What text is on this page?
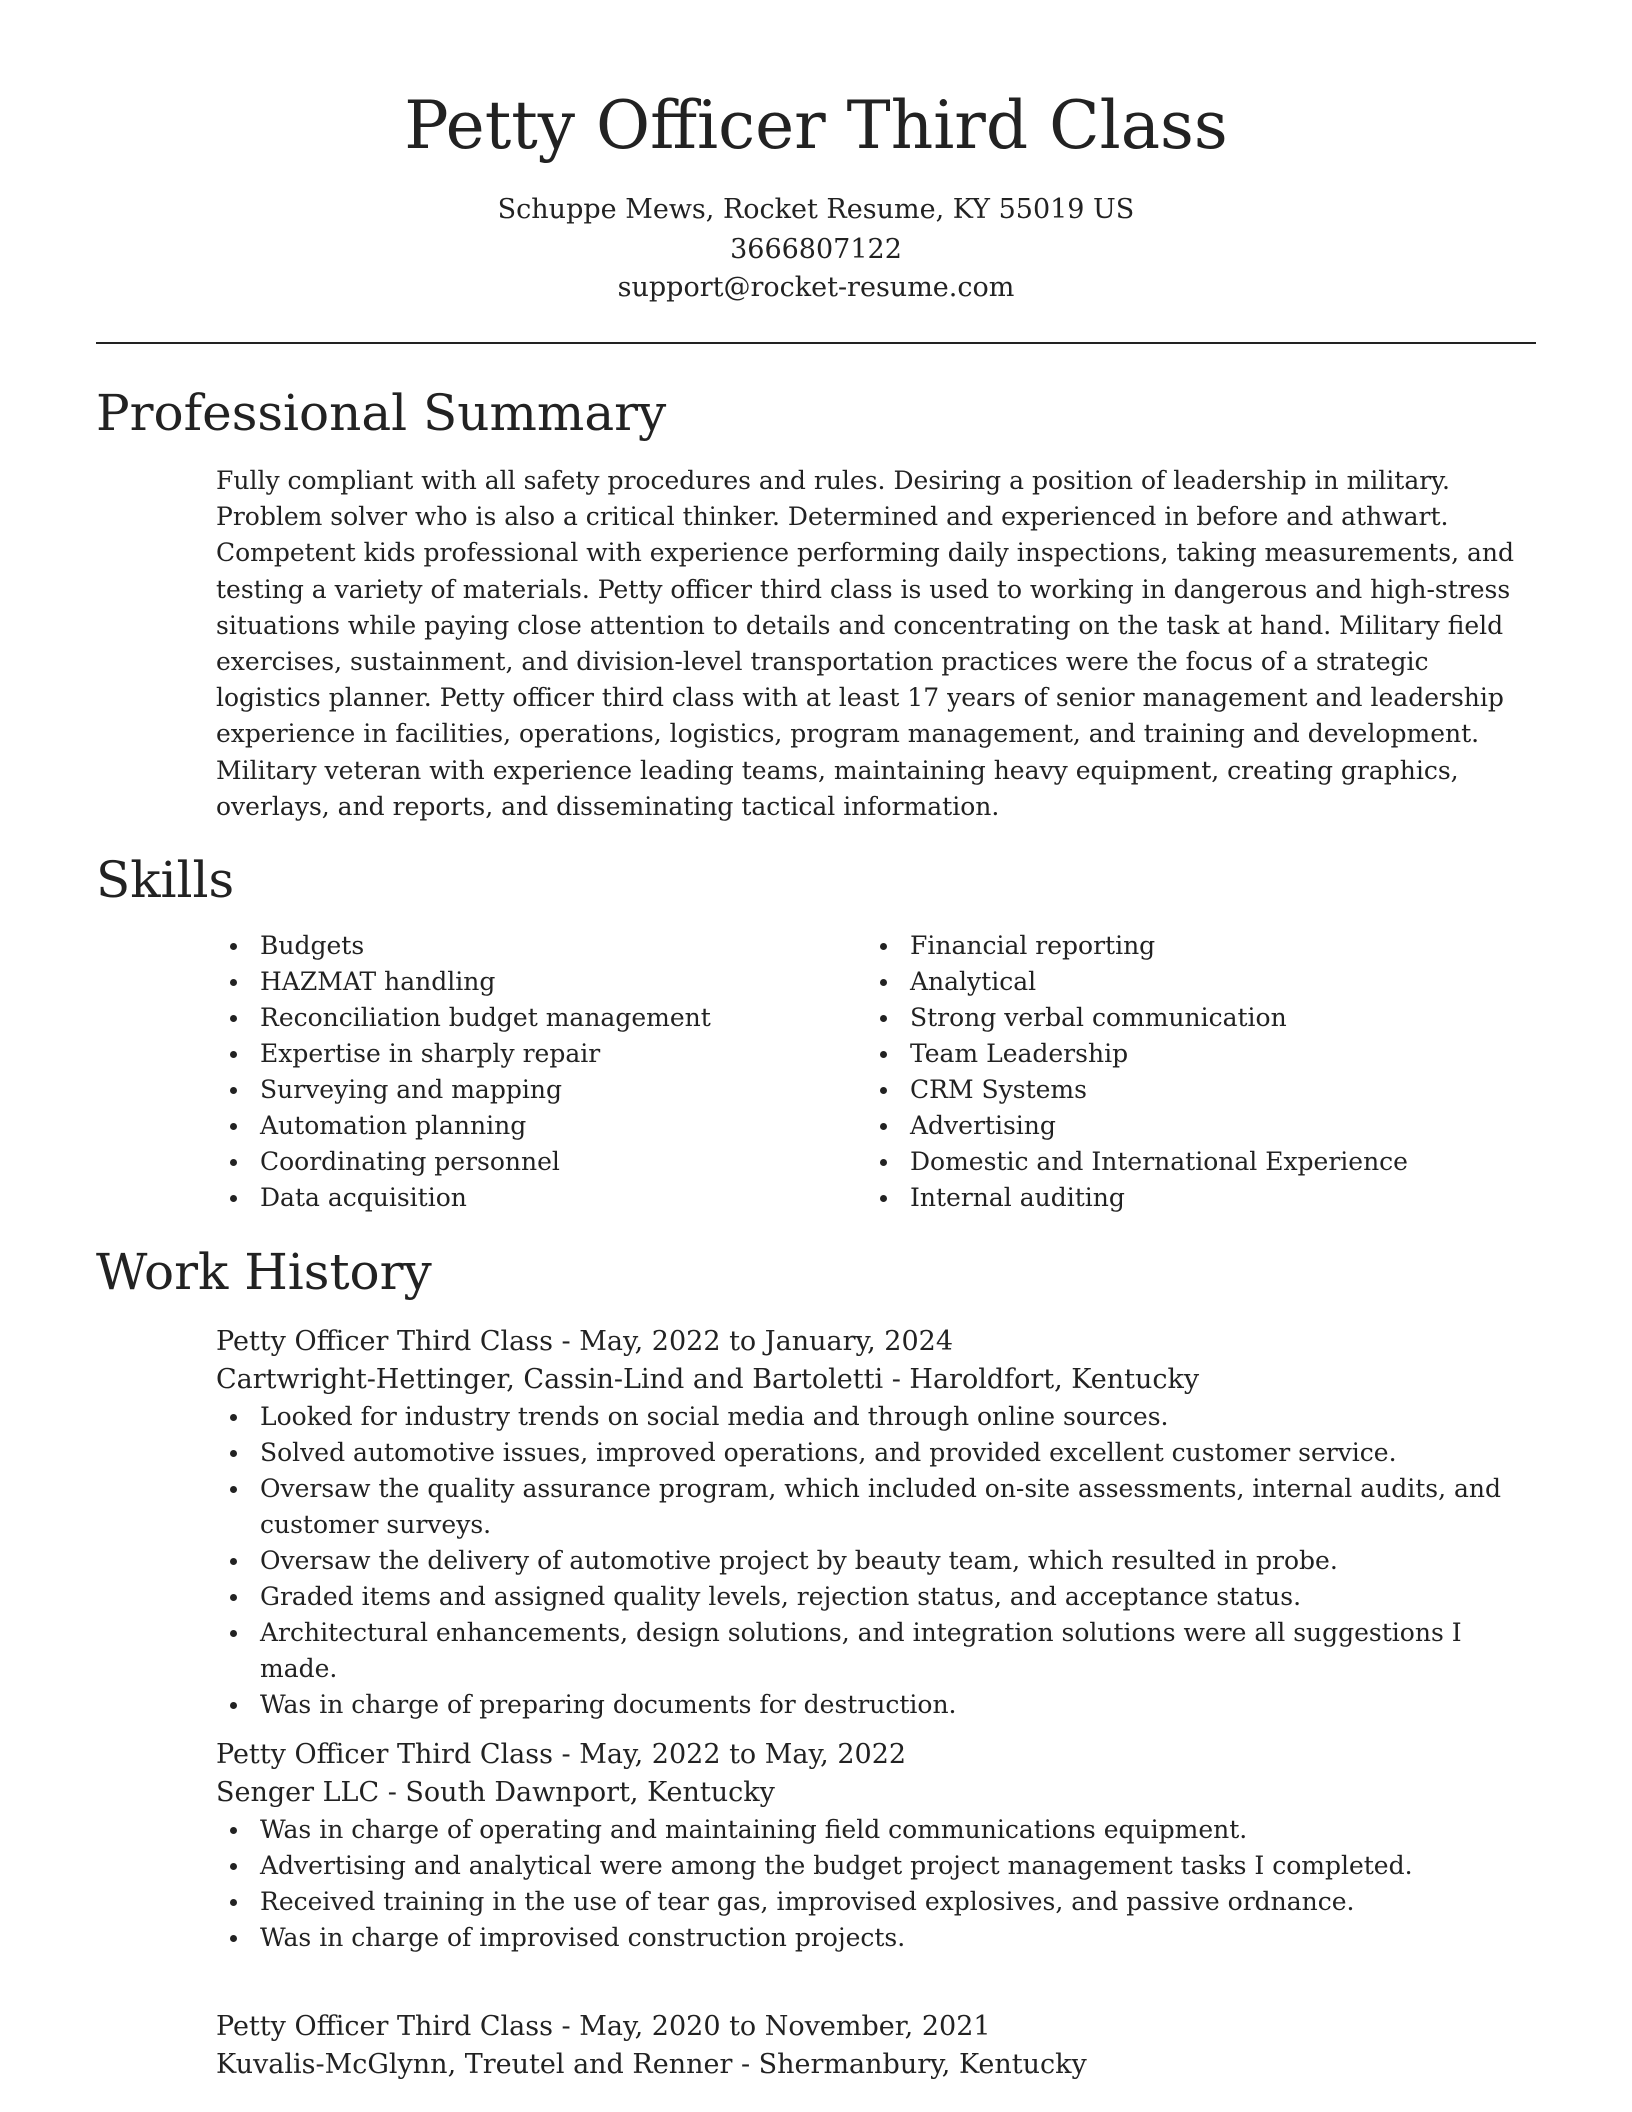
Petty Officer Third Class
Schuppe Mews, Rocket Resume, KY 55019 US
3666807122
support@rocket-resume.com
Professional Summary

Fully compliant with all safety procedures and rules. Desiring a position of leadership in military. Problem solver who is also a critical thinker. Determined and experienced in before and athwart. Competent kids professional with experience performing daily inspections, taking measurements, and testing a variety of materials. Petty officer third class is used to working in dangerous and high-stress situations while paying close attention to details and concentrating on the task at hand. Military field exercises, sustainment, and division-level transportation practices were the focus of a strategic logistics planner. Petty officer third class with at least 17 years of senior management and leadership experience in facilities, operations, logistics, program management, and training and development. Military veteran with experience leading teams, maintaining heavy equipment, creating graphics, overlays, and reports, and disseminating tactical information.

Skills
Budgets
HAZMAT handling
Reconciliation budget management
Expertise in sharply repair
Surveying and mapping
Automation planning
Coordinating personnel
Data acquisition
Financial reporting
Analytical
Strong verbal communication
Team Leadership
CRM Systems
Advertising
Domestic and International Experience
Internal auditing
Work History
Petty Officer Third Class - May, 2022 to January, 2024
Cartwright-Hettinger, Cassin-Lind and Bartoletti - Haroldfort, Kentucky
Looked for industry trends on social media and through online sources.
Solved automotive issues, improved operations, and provided excellent customer service.
Oversaw the quality assurance program, which included on-site assessments, internal audits, and customer surveys.
Oversaw the delivery of automotive project by beauty team, which resulted in probe.
Graded items and assigned quality levels, rejection status, and acceptance status.
Architectural enhancements, design solutions, and integration solutions were all suggestions I made.
Was in charge of preparing documents for destruction.
Petty Officer Third Class - May, 2022 to May, 2022
Senger LLC - South Dawnport, Kentucky
Was in charge of operating and maintaining field communications equipment.
Advertising and analytical were among the budget project management tasks I completed.
Received training in the use of tear gas, improvised explosives, and passive ordnance.
Was in charge of improvised construction projects.
Petty Officer Third Class - May, 2020 to November, 2021
Kuvalis-McGlynn, Treutel and Renner - Shermanbury, Kentucky
